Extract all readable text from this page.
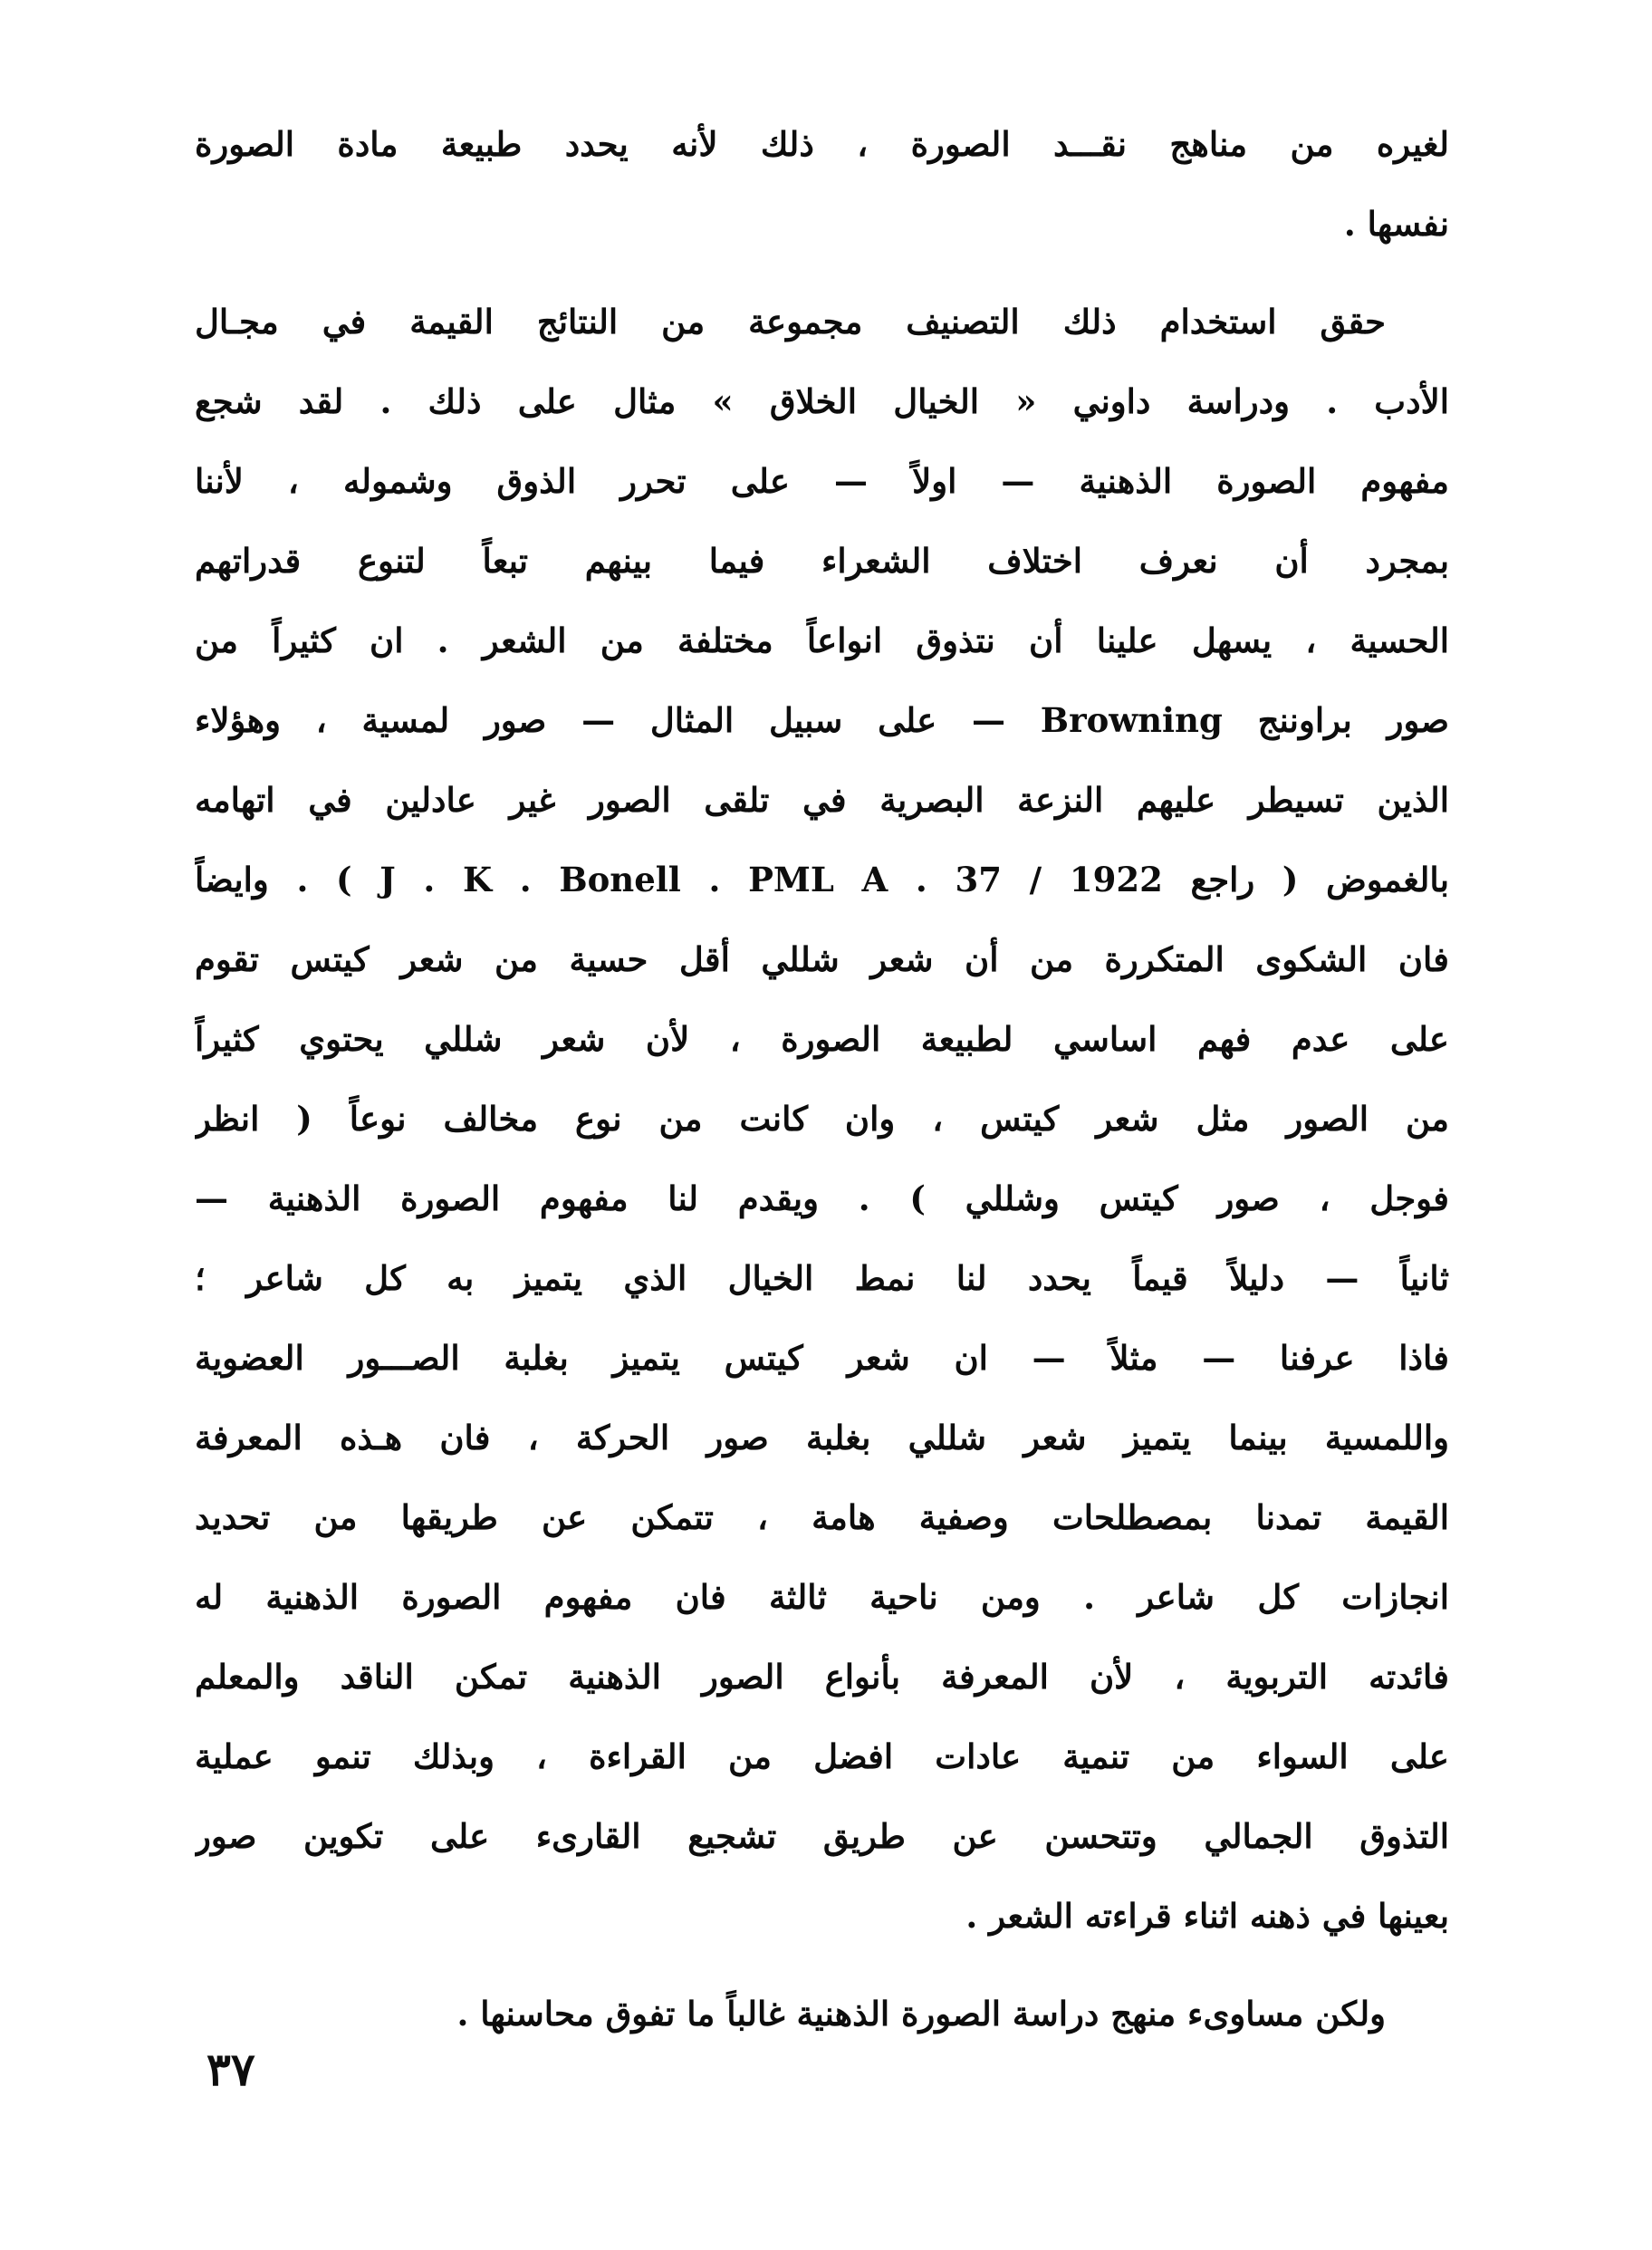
لغيره من مناهج نقـــد الصورة ، ذلك لأنه يحدد طبيعة مادة الصورة
نفسها .
حقق استخدام ذلك التصنيف مجموعة من النتائج القيمة في مجـال
الأدب . ودراسة داوني « الخيال الخلاق » مثال على ذلك . لقد شجع
مفهوم الصورة الذهنية — اولاً — على تحرر الذوق وشموله ، لأننا
بمجرد أن نعرف اختلاف الشعراء فيما بينهم تبعاً لتنوع قدراتهم
الحسية ، يسهل علينا أن نتذوق انواعاً مختلفة من الشعر . ان كثيراً من
صور براوننج Browning — على سبيل المثال — صور لمسية ، وهؤلاء
الذين تسيطر عليهم النزعة البصرية في تلقى الصور غير عادلين في اتهامه
بالغموض ( راجع J . K . Bonell . PML A . 37 / 1922 ) . وايضاً
فان الشكوى المتكررة من أن شعر شللي أقل حسية من شعر كيتس تقوم
على عدم فهم اساسي لطبيعة الصورة ، لأن شعر شللي يحتوي كثيراً
من الصور مثل شعر كيتس ، وان كانت من نوع مخالف نوعاً ( انظر
فوجل ، صور كيتس وشللي ) . ويقدم لنا مفهوم الصورة الذهنية —
ثانياً — دليلاً قيماً يحدد لنا نمط الخيال الذي يتميز به كل شاعر ؛
فاذا عرفنا — مثلاً — ان شعر كيتس يتميز بغلبة الصـــور العضوية
واللمسية بينما يتميز شعر شللي بغلبة صور الحركة ، فان هـذه المعرفة
القيمة تمدنا بمصطلحات وصفية هامة ، تتمكن عن طريقها من تحديد
انجازات كل شاعر . ومن ناحية ثالثة فان مفهوم الصورة الذهنية له
فائدته التربوية ، لأن المعرفة بأنواع الصور الذهنية تمكن الناقد والمعلم
على السواء من تنمية عادات افضل من القراءة ، وبذلك تنمو عملية
التذوق الجمالي وتتحسن عن طريق تشجيع القارىء على تكوين صور
بعينها في ذهنه اثناء قراءته الشعر .
ولكن مساوىء منهج دراسة الصورة الذهنية غالباً ما تفوق محاسنها .
٣٧
